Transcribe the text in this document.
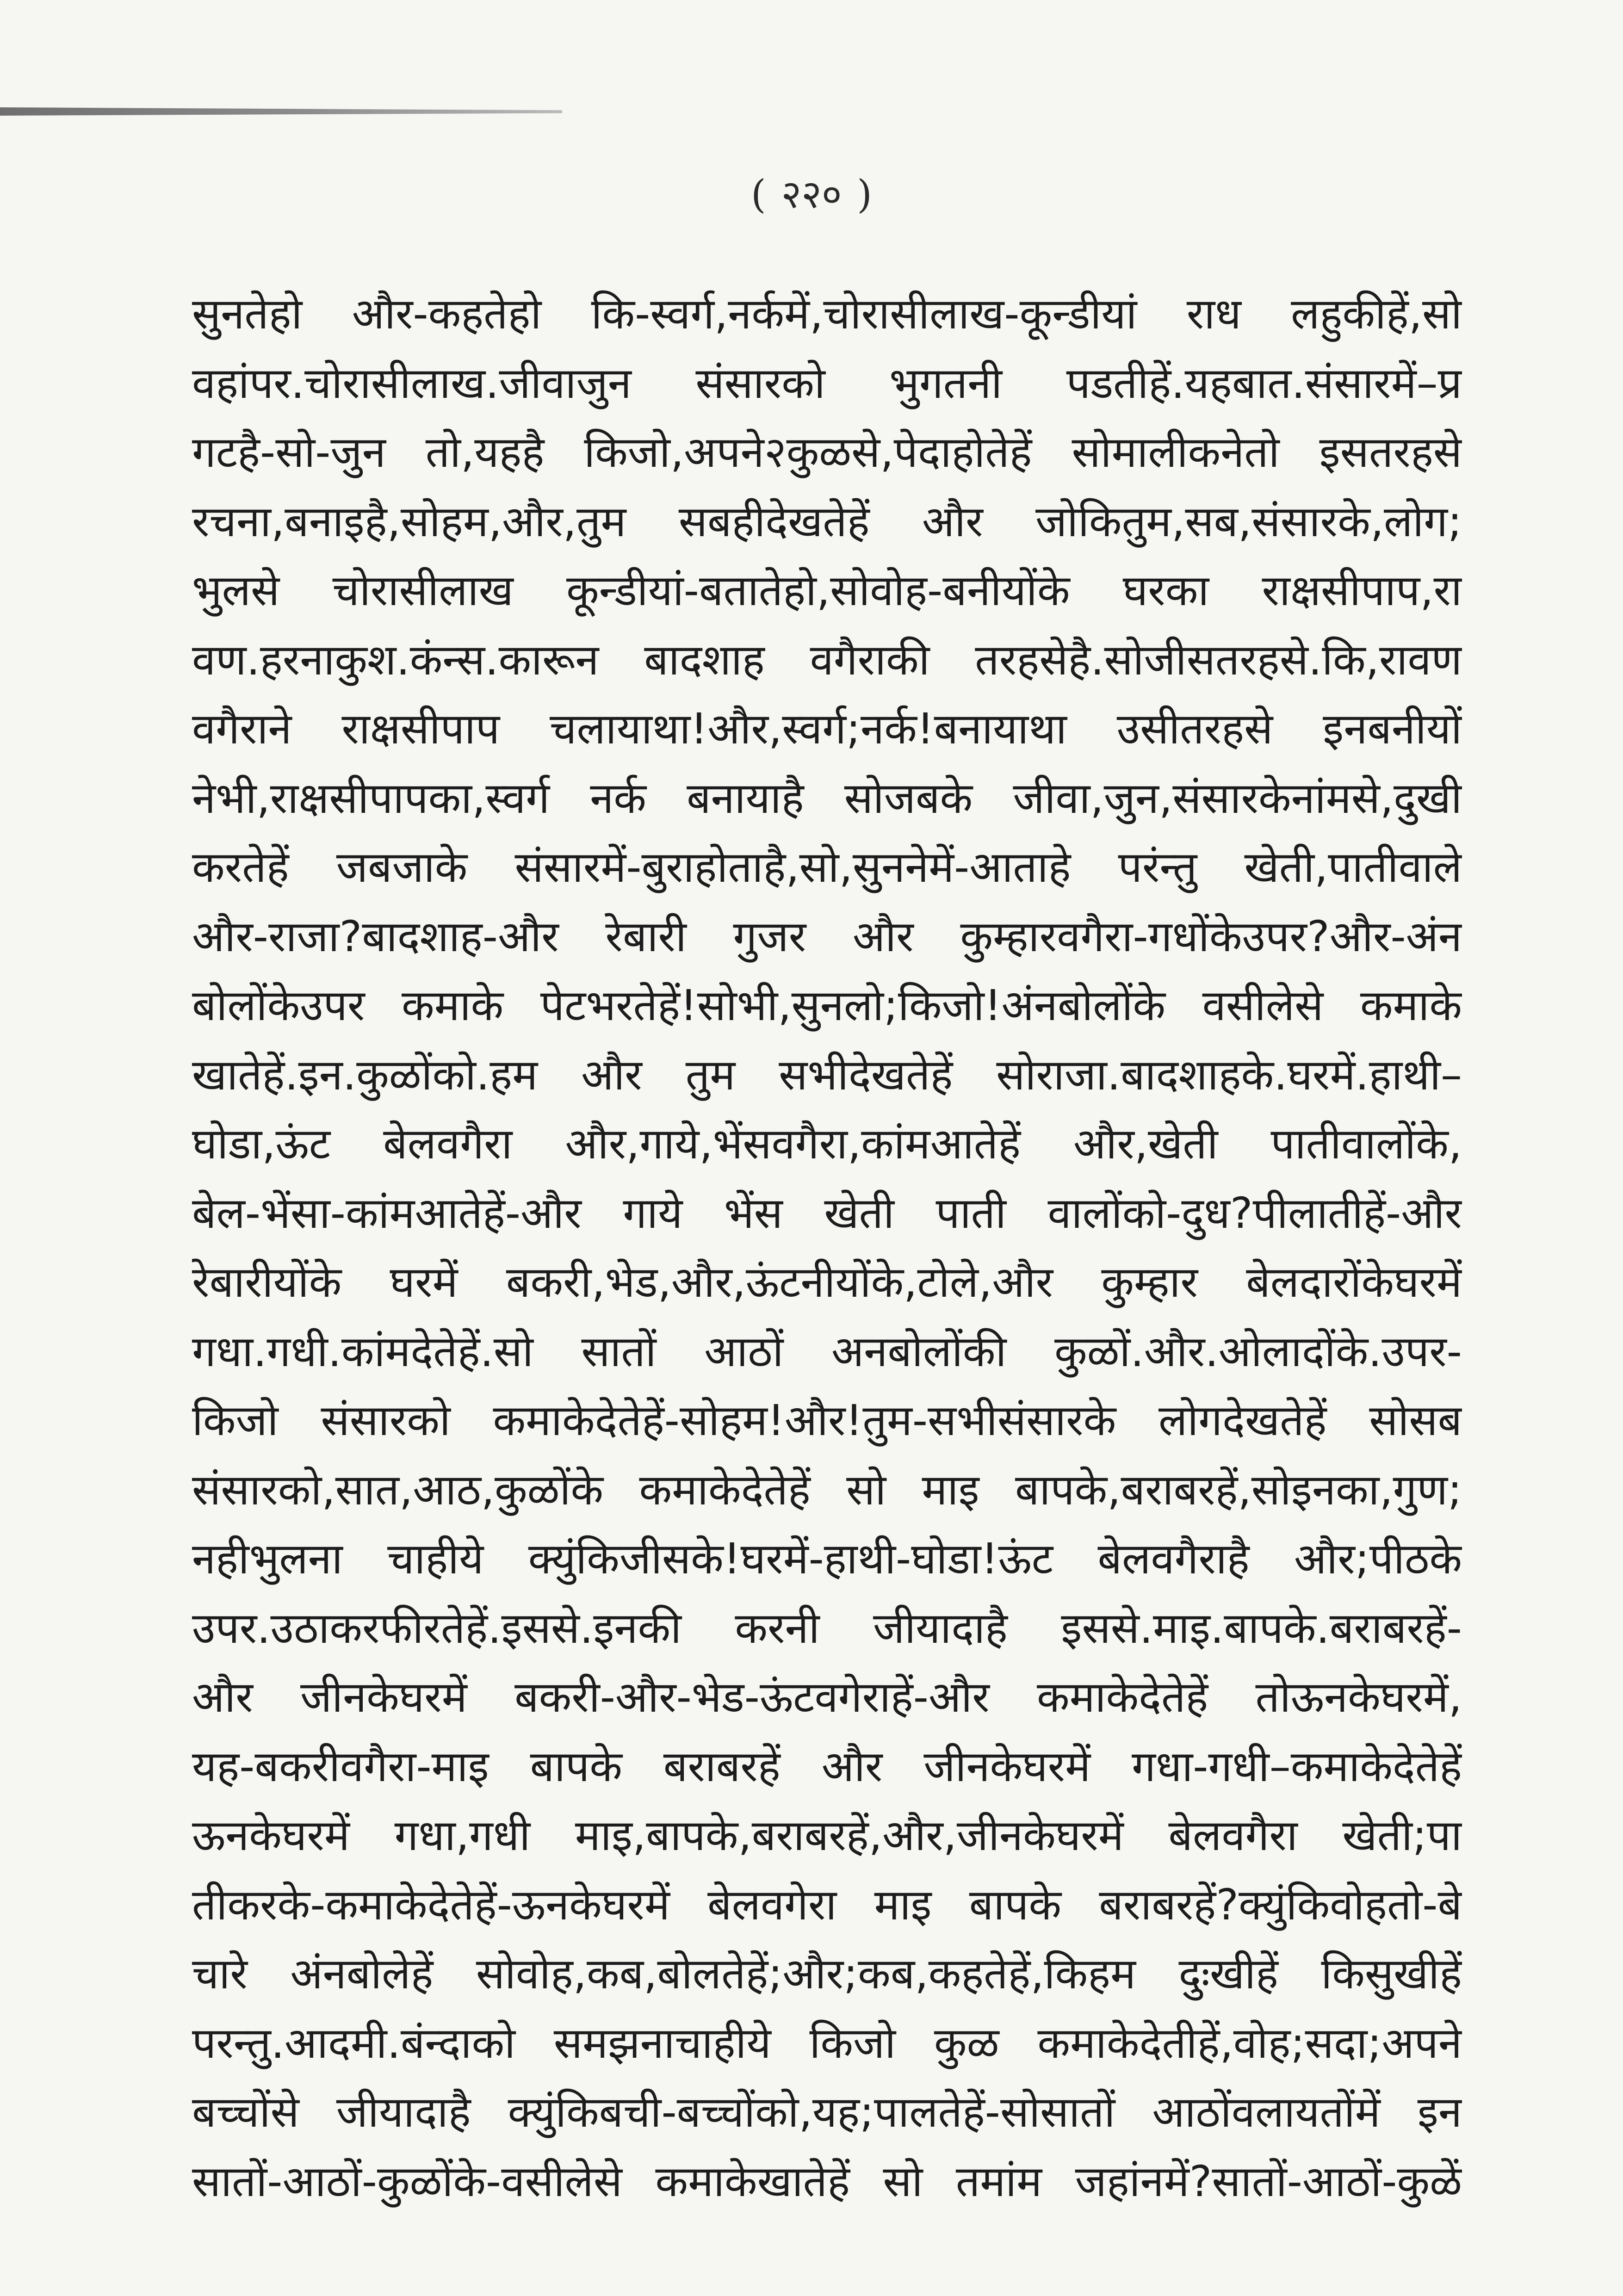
( २२० )
सुनतेहो और-कहतेहो कि-स्वर्ग,नर्कमें,चोरासीलाख-कून्डीयां राध लहुकीहें,सो
वहांपर.चोरासीलाख.जीवाजुन संसारको भुगतनी पडतीहें.यहबात.संसारमें–प्र
गटहै-सो-जुन तो,यहहै किजो,अपने२कुळसे,पेदाहोतेहें सोमालीकनेतो इसतरहसे
रचना,बनाइहै,सोहम,और,तुम सबहीदेखतेहें और जोकितुम,सब,संसारके,लोग;
भुलसे चोरासीलाख कून्डीयां-बतातेहो,सोवोह-बनीयोंके घरका राक्षसीपाप,रा
वण.हरनाकुश.कंन्स.कारून बादशाह वगैराकी तरहसेहै.सोजीसतरहसे.कि,रावण
वगैराने राक्षसीपाप चलायाथा!और,स्वर्ग;नर्क!बनायाथा उसीतरहसे इनबनीयों
नेभी,राक्षसीपापका,स्वर्ग नर्क बनायाहै सोजबके जीवा,जुन,संसारकेनांमसे,दुखी
करतेहें जबजाके संसारमें-बुराहोताहै,सो,सुननेमें-आताहे परंन्तु खेती,पातीवाले
और-राजा?बादशाह-और रेबारी गुजर और कुम्हारवगैरा-गधोंकेउपर?और-अंन
बोलोंकेउपर कमाके पेटभरतेहें!सोभी,सुनलो;किजो!अंनबोलोंके वसीलेसे कमाके
खातेहें.इन.कुळोंको.हम और तुम सभीदेखतेहें सोराजा.बादशाहके.घरमें.हाथी–
घोडा,ऊंट बेलवगैरा और,गाये,भेंसवगैरा,कांमआतेहें और,खेती पातीवालोंके,
बेल-भेंसा-कांमआतेहें-और गाये भेंस खेती पाती वालोंको-दुध?पीलातीहें-और
रेबारीयोंके घरमें बकरी,भेड,और,ऊंटनीयोंके,टोले,और कुम्हार बेलदारोंकेघरमें
गधा.गधी.कांमदेतेहें.सो सातों आठों अनबोलोंकी कुळों.और.ओलादोंके.उपर-
किजो संसारको कमाकेदेतेहें-सोहम!और!तुम-सभीसंसारके लोगदेखतेहें सोसब
संसारको,सात,आठ,कुळोंके कमाकेदेतेहें सो माइ बापके,बराबरहें,सोइनका,गुण;
नहीभुलना चाहीये क्युंकिजीसके!घरमें-हाथी-घोडा!ऊंट बेलवगैराहै और;पीठके
उपर.उठाकरफीरतेहें.इससे.इनकी करनी जीयादाहै इससे.माइ.बापके.बराबरहें-
और जीनकेघरमें बकरी-और-भेड-ऊंटवगेराहें-और कमाकेदेतेहें तोऊनकेघरमें,
यह-बकरीवगैरा-माइ बापके बराबरहें और जीनकेघरमें गधा-गधी–कमाकेदेतेहें
ऊनकेघरमें गधा,गधी माइ,बापके,बराबरहें,और,जीनकेघरमें बेलवगैरा खेती;पा
तीकरके-कमाकेदेतेहें-ऊनकेघरमें बेलवगेरा माइ बापके बराबरहें?क्युंकिवोहतो-बे
चारे अंनबोलेहें सोवोह,कब,बोलतेहें;और;कब,कहतेहें,किहम दुःखीहें किसुखीहें
परन्तु.आदमी.बंन्दाको समझनाचाहीये किजो कुळ कमाकेदेतीहें,वोह;सदा;अपने
बच्चोंसे जीयादाहै क्युंकिबची-बच्चोंको,यह;पालतेहें-सोसातों आठोंवलायतोंमें इन
सातों-आठों-कुळोंके-वसीलेसे कमाकेखातेहें सो तमांम जहांनमें?सातों-आठों-कुळें
